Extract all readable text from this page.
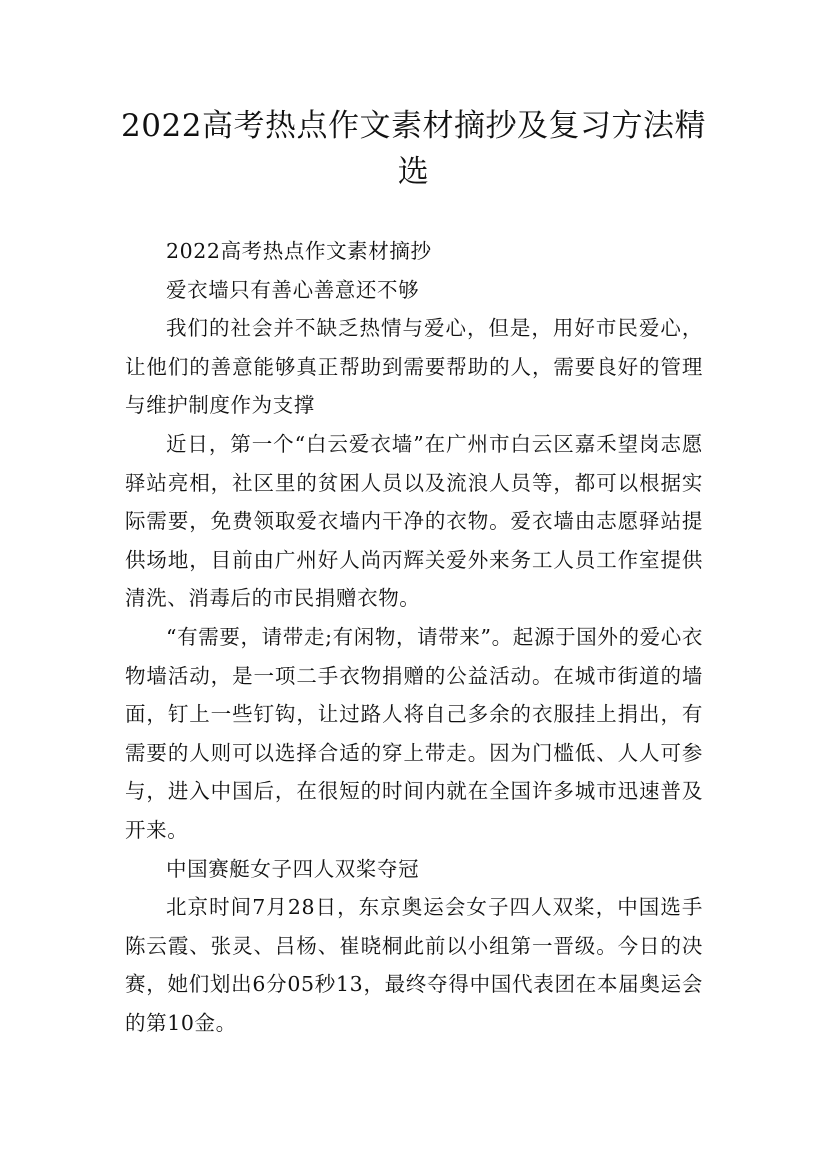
2022高考热点作文素材摘抄及复习方法精选

2022高考热点作文素材摘抄

爱衣墙只有善心善意还不够

我们的社会并不缺乏热情与爱心，但是，用好市民爱心，让他们的善意能够真正帮助到需要帮助的人，需要良好的管理与维护制度作为支撑

近日，第一个“白云爱衣墙”在广州市白云区嘉禾望岗志愿驿站亮相，社区里的贫困人员以及流浪人员等，都可以根据实际需要，免费领取爱衣墙内干净的衣物。爱衣墙由志愿驿站提供场地，目前由广州好人尚丙辉关爱外来务工人员工作室提供清洗、消毒后的市民捐赠衣物。

“有需要，请带走;有闲物，请带来”。起源于国外的爱心衣物墙活动，是一项二手衣物捐赠的公益活动。在城市街道的墙面，钉上一些钉钩，让过路人将自己多余的衣服挂上捐出，有需要的人则可以选择合适的穿上带走。因为门槛低、人人可参与，进入中国后，在很短的时间内就在全国许多城市迅速普及开来。

中国赛艇女子四人双桨夺冠

北京时间7月28日，东京奥运会女子四人双桨，中国选手陈云霞、张灵、吕杨、崔晓桐此前以小组第一晋级。今日的决赛，她们划出6分05秒13，最终夺得中国代表团在本届奥运会的第10金。
